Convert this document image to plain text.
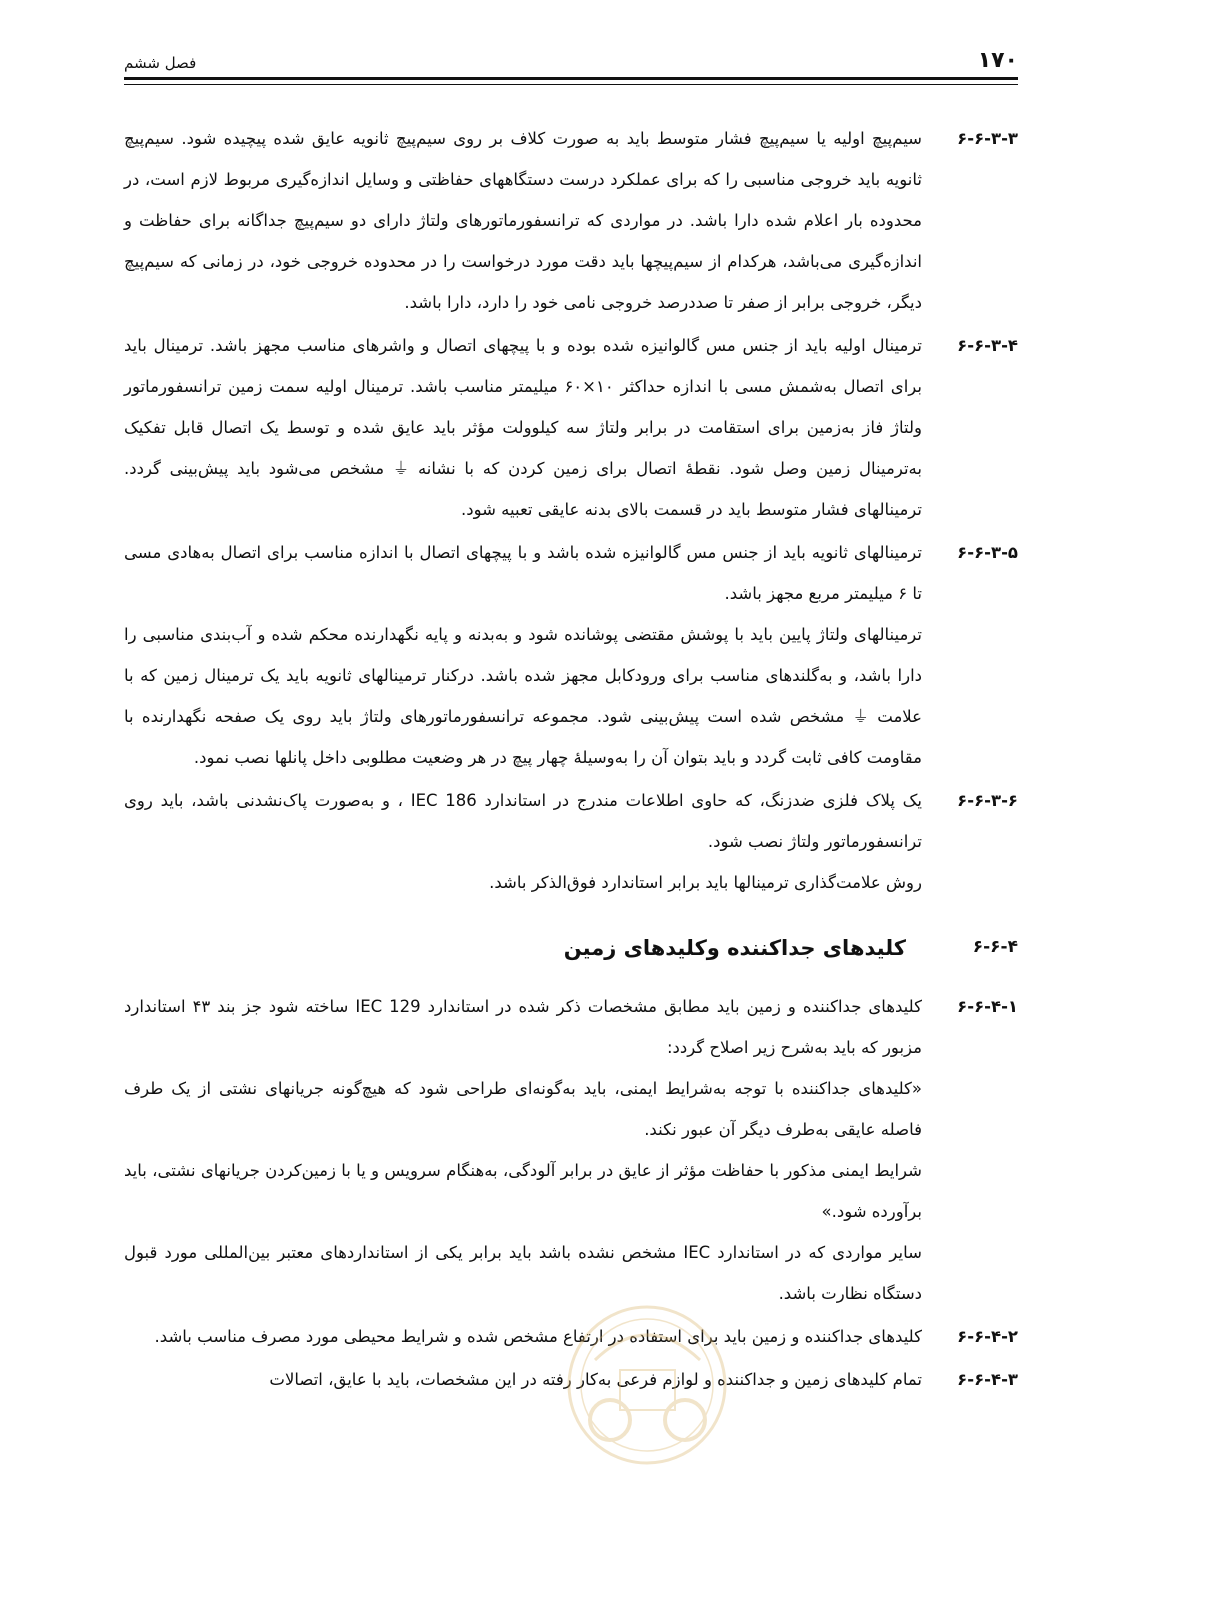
۱۷۰
فصل ششم
۶-۶-۳-۳

سیم‌پیچ اولیه یا سیم‌پیچ فشار متوسط باید به صورت کلاف بر روی سیم‌پیچ ثانویه عایق شده پیچیده شود. سیم‌پیچ ثانویه باید خروجی مناسبی را که برای عملکرد درست دستگاههای حفاظتی و وسایل اندازه‌گیری مربوط لازم است، در محدوده بار اعلام شده دارا باشد. در مواردی که ترانسفورماتورهای ولتاژ دارای دو سیم‌پیچ جداگانه برای حفاظت و اندازه‌گیری می‌باشد، هرکدام از سیم‌پیچها باید دقت مورد درخواست را در محدوده خروجی خود، در زمانی که سیم‌پیچ دیگر، خروجی برابر از صفر تا صددرصد خروجی نامی خود را دارد، دارا باشد.

۶-۶-۳-۴

ترمینال اولیه باید از جنس مس گالوانیزه شده بوده و با پیچهای اتصال و واشرهای مناسب مجهز باشد. ترمینال باید برای اتصال به‌شمش مسی با اندازه حداکثر ۱۰×۶۰ میلیمتر مناسب باشد. ترمینال اولیه سمت زمین ترانسفورماتور ولتاژ فاز به‌زمین برای استقامت در برابر ولتاژ سه کیلوولت مؤثر باید عایق شده و توسط یک اتصال قابل تفکیک به‌ترمینال زمین وصل شود. نقطهٔ اتصال برای زمین کردن که با نشانه ⏚ مشخص می‌شود باید پیش‌بینی گردد. ترمینالهای فشار متوسط باید در قسمت بالای بدنه عایقی تعبیه شود.

۶-۶-۳-۵

ترمینالهای ثانویه باید از جنس مس گالوانیزه شده باشد و با پیچهای اتصال با اندازه مناسب برای اتصال به‌هادی مسی تا ۶ میلیمتر مربع مجهز باشد.

ترمینالهای ولتاژ پایین باید با پوشش مقتضی پوشانده شود و به‌بدنه و پایه نگهدارنده محکم شده و آب‌بندی مناسبی را دارا باشد، و به‌گلندهای مناسب برای ورودکابل مجهز شده باشد. درکنار ترمینالهای ثانویه باید یک ترمینال زمین که با علامت ⏚ مشخص شده است پیش‌بینی شود. مجموعه ترانسفورماتورهای ولتاژ باید روی یک صفحه نگهدارنده با مقاومت کافی ثابت گردد و باید بتوان آن را به‌وسیلهٔ چهار پیچ در هر وضعیت مطلوبی داخل پانلها نصب نمود.

۶-۶-۳-۶

یک پلاک فلزی ضدزنگ، که حاوی اطلاعات مندرج در استاندارد IEC 186 ، و به‌صورت پاک‌نشدنی باشد، باید روی ترانسفورماتور ولتاژ نصب شود.

روش علامت‌گذاری ترمینالها باید برابر استاندارد فوق‌الذکر باشد.

۶-۶-۴
کلیدهای جداکننده وکلیدهای زمین
۶-۶-۴-۱

کلیدهای جداکننده و زمین باید مطابق مشخصات ذکر شده در استاندارد IEC 129 ساخته شود جز بند ۴۳ استاندارد مزبور که باید به‌شرح زیر اصلاح گردد:

«کلیدهای جداکننده با توجه به‌شرایط ایمنی، باید به‌گونه‌ای طراحی شود که هیچ‌گونه جریانهای نشتی از یک طرف فاصله عایقی به‌طرف دیگر آن عبور نکند.

شرایط ایمنی مذکور با حفاظت مؤثر از عایق در برابر آلودگی، به‌هنگام سرویس و یا با زمین‌کردن جریانهای نشتی، باید برآورده شود.»

سایر مواردی که در استاندارد IEC مشخص نشده باشد باید برابر یکی از استانداردهای معتبر بین‌المللی مورد قبول دستگاه نظارت باشد.

۶-۶-۴-۲

کلیدهای جداکننده و زمین باید برای استفاده در ارتفاع مشخص شده و شرایط محیطی مورد مصرف مناسب باشد.

۶-۶-۴-۳

تمام کلیدهای زمین و جداکننده و لوازم فرعی به‌کار رفته در این مشخصات، باید با عایق، اتصالات
